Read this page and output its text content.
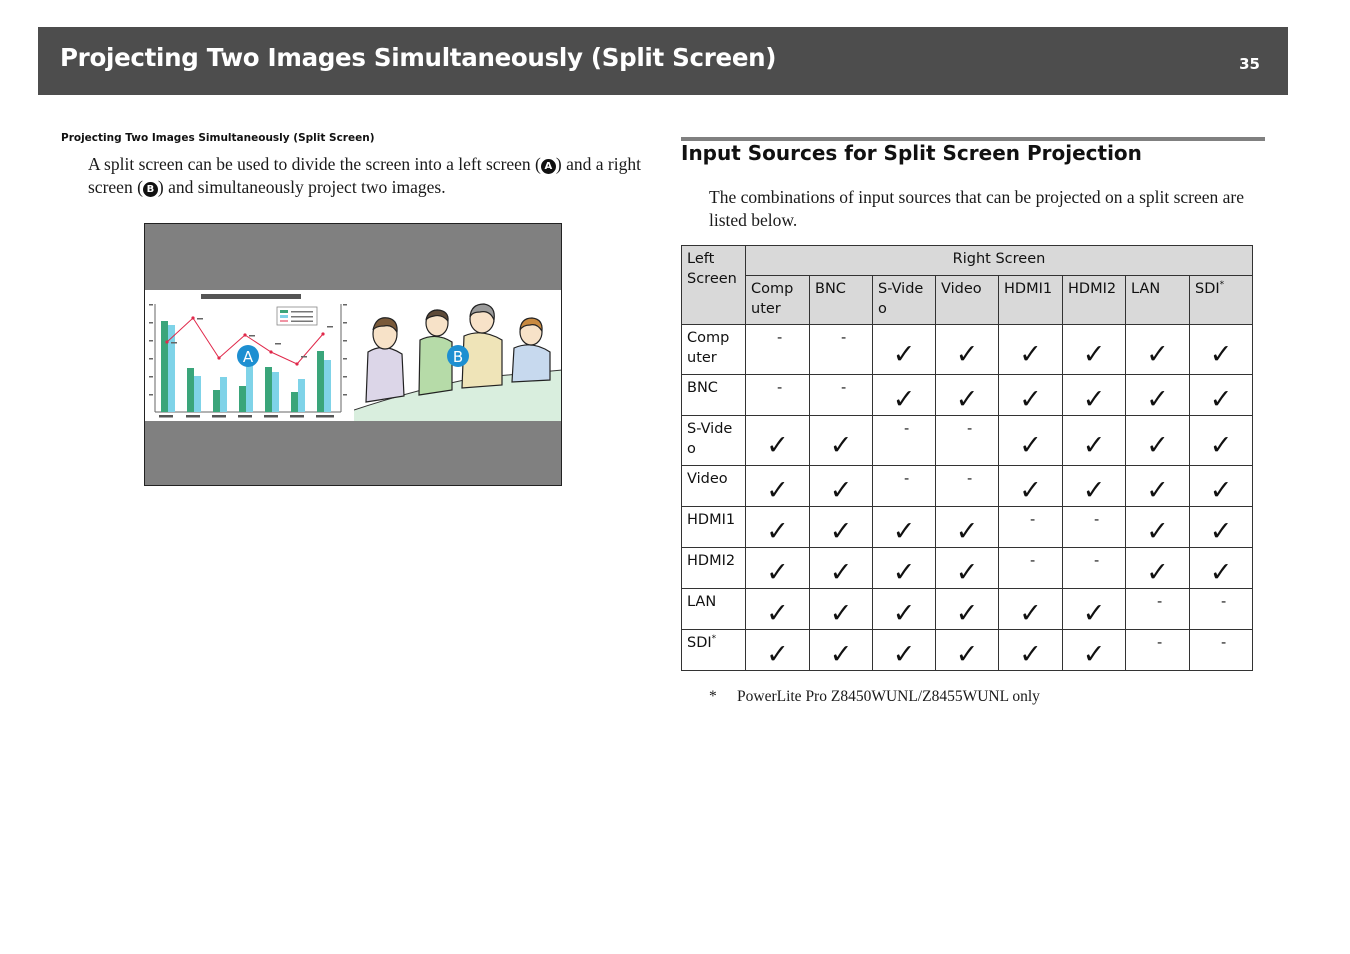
Projecting Two Images Simultaneously (Split Screen)	35
Projecting Two Images Simultaneously (Split Screen)
A split screen can be used to divide the screen into a left screen ( A ) and a right screen ( B ) and simultaneously project two images.
A	B
Input Sources for Split Screen Projection
The combinations of input sources that can be projected on a split screen are listed below.
Left Screen	Right Screen							
	Comp uter	BNC	S-Vide o	Video	HDMI1	HDMI2	LAN	SDI*
Comp uter	-	-	✓	✓	✓	✓	✓	✓

BNC	-	-	✓	✓	✓	✓	✓	✓

S-Vide o	✓	✓	-	-	✓	✓	✓	✓

Video	✓	✓	-	-	✓	✓	✓	✓

HDMI1	✓	✓	✓	✓	-	-	✓	✓

HDMI2	✓	✓	✓	✓	-	-	✓	✓

LAN	✓	✓	✓	✓	✓	✓	-	-
SDI*	✓	✓	✓	✓	✓	✓	-	-
* PowerLite Pro Z8450WUNL/Z8455WUNL only
